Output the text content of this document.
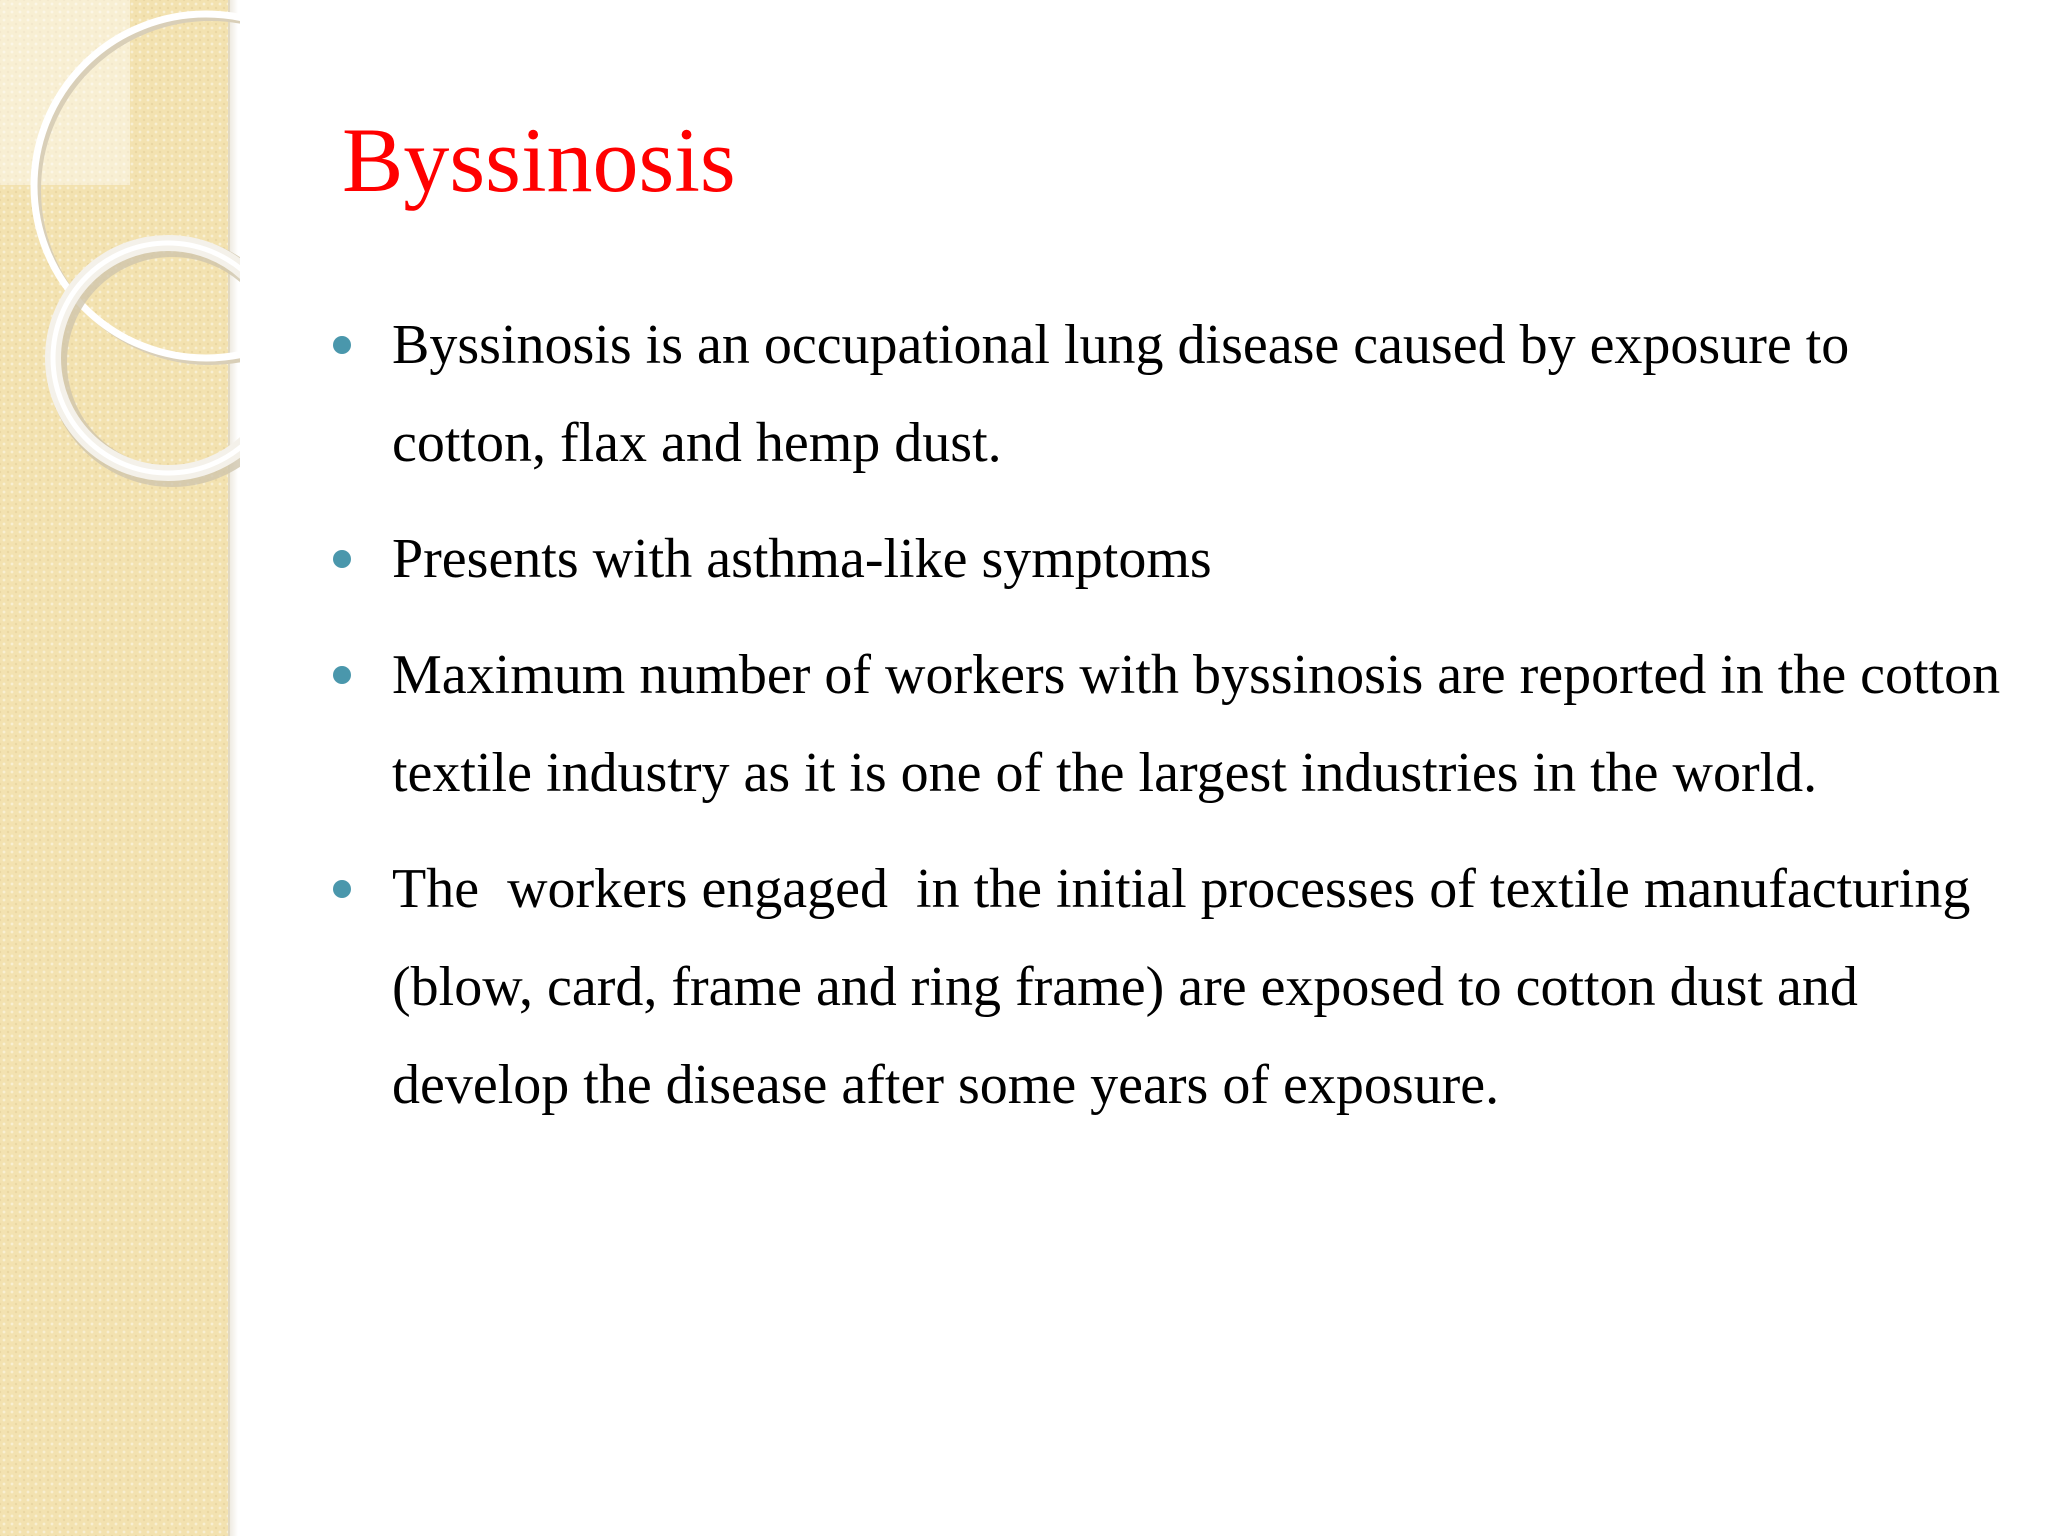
Byssinosis
Byssinosis is an occupational lung disease caused by exposure to cotton, flax and hemp dust.
Presents with asthma-like symptoms
Maximum number of workers with byssinosis are reported in the cotton textile industry as it is one of the largest industries in the world.
The  workers engaged  in the initial processes of textile manufacturing (blow, card, frame and ring frame) are exposed to cotton dust and develop the disease after some years of exposure.
